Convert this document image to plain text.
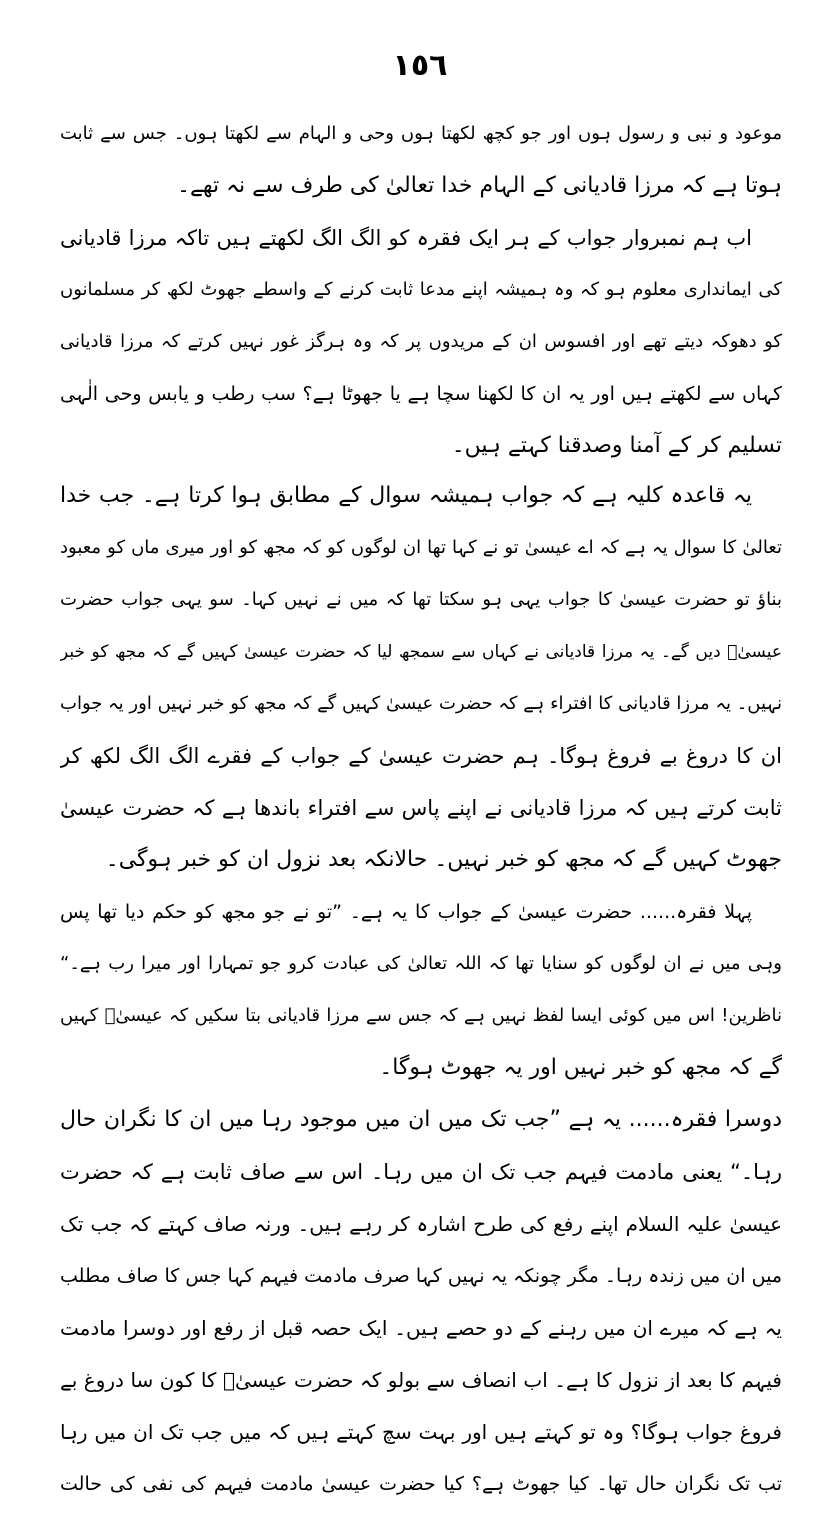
١٥٦
موعود و نبی و رسول ہوں اور جو کچھ لکھتا ہوں وحی و الہام سے لکھتا ہوں۔ جس سے ثابت
ہوتا ہے کہ مرزا قادیانی کے الہام خدا تعالیٰ کی طرف سے نہ تھے۔
اب ہم نمبروار جواب کے ہر ایک فقرہ کو الگ الگ لکھتے ہیں تاکہ مرزا قادیانی
کی ایمانداری معلوم ہو کہ وہ ہمیشہ اپنے مدعا ثابت کرنے کے واسطے جھوٹ لکھ کر مسلمانوں
کو دھوکہ دیتے تھے اور افسوس ان کے مریدوں پر کہ وہ ہرگز غور نہیں کرتے کہ مرزا قادیانی
کہاں سے لکھتے ہیں اور یہ ان کا لکھنا سچا ہے یا جھوٹا ہے؟ سب رطب و یابس وحی الٰہی
تسلیم کر کے آمنا وصدقنا کہتے ہیں۔
یہ قاعدہ کلیہ ہے کہ جواب ہمیشہ سوال کے مطابق ہوا کرتا ہے۔ جب خدا
تعالیٰ کا سوال یہ ہے کہ اے عیسیٰ تو نے کہا تھا ان لوگوں کو کہ مجھ کو اور میری ماں کو معبود
بناؤ تو حضرت عیسیٰ کا جواب یہی ہو سکتا تھا کہ میں نے نہیں کہا۔ سو یہی جواب حضرت
عیسیٰؑ دیں گے۔ یہ مرزا قادیانی نے کہاں سے سمجھ لیا کہ حضرت عیسیٰ کہیں گے کہ مجھ کو خبر
نہیں۔ یہ مرزا قادیانی کا افتراء ہے کہ حضرت عیسیٰ کہیں گے کہ مجھ کو خبر نہیں اور یہ جواب
ان کا دروغ بے فروغ ہوگا۔ ہم حضرت عیسیٰ کے جواب کے فقرے الگ الگ لکھ کر
ثابت کرتے ہیں کہ مرزا قادیانی نے اپنے پاس سے افتراء باندھا ہے کہ حضرت عیسیٰ
جھوٹ کہیں گے کہ مجھ کو خبر نہیں۔ حالانکہ بعد نزول ان کو خبر ہوگی۔
پہلا فقرہ...... حضرت عیسیٰ کے جواب کا یہ ہے۔ ”تو نے جو مجھ کو حکم دیا تھا پس
وہی میں نے ان لوگوں کو سنایا تھا کہ اللہ تعالیٰ کی عبادت کرو جو تمہارا اور میرا رب ہے۔“
ناظرین! اس میں کوئی ایسا لفظ نہیں ہے کہ جس سے مرزا قادیانی بتا سکیں کہ عیسیٰؑ کہیں
گے کہ مجھ کو خبر نہیں اور یہ جھوٹ ہوگا۔
دوسرا فقرہ...... یہ ہے ”جب تک میں ان میں موجود رہا میں ان کا نگران حال
رہا۔“ یعنی مادمت فیہم جب تک ان میں رہا۔ اس سے صاف ثابت ہے کہ حضرت
عیسیٰ علیہ السلام اپنے رفع کی طرح اشارہ کر رہے ہیں۔ ورنہ صاف کہتے کہ جب تک
میں ان میں زندہ رہا۔ مگر چونکہ یہ نہیں کہا صرف مادمت فیہم کہا جس کا صاف مطلب
یہ ہے کہ میرے ان میں رہنے کے دو حصے ہیں۔ ایک حصہ قبل از رفع اور دوسرا مادمت
فیہم کا بعد از نزول کا ہے۔ اب انصاف سے بولو کہ حضرت عیسیٰؑ کا کون سا دروغ بے
فروغ جواب ہوگا؟ وہ تو کہتے ہیں اور بہت سچ کہتے ہیں کہ میں جب تک ان میں رہا
تب تک نگران حال تھا۔ کیا جھوٹ ہے؟ کیا حضرت عیسیٰ مادمت فیہم کی نفی کی حالت
